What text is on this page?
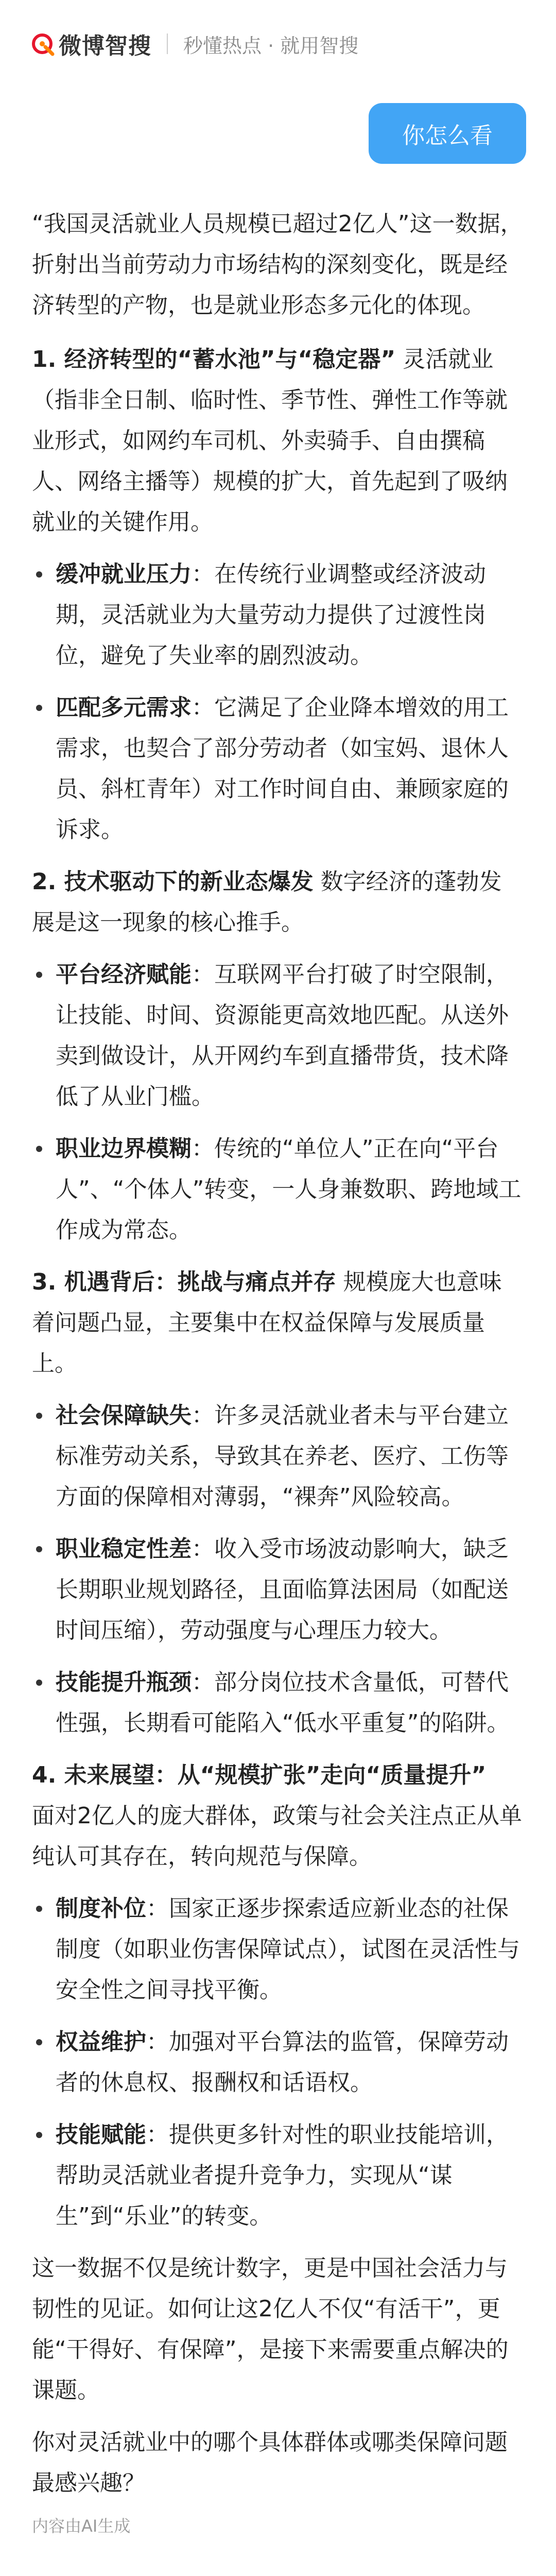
微博智搜 秒懂热点 · 就用智搜
你怎么看

“我国灵活就业人员规模已超过2亿人”这一数据，折射出当前劳动力市场结构的深刻变化，既是经济转型的产物，也是就业形态多元化的体现。

1. 经济转型的“蓄水池”与“稳定器” 灵活就业（指非全日制、临时性、季节性、弹性工作等就业形式，如网约车司机、外卖骑手、自由撰稿人、网络主播等）规模的扩大，首先起到了吸纳就业的关键作用。

缓冲就业压力：在传统行业调整或经济波动期，灵活就业为大量劳动力提供了过渡性岗位，避免了失业率的剧烈波动。
匹配多元需求：它满足了企业降本增效的用工需求，也契合了部分劳动者（如宝妈、退休人员、斜杠青年）对工作时间自由、兼顾家庭的诉求。

2. 技术驱动下的新业态爆发 数字经济的蓬勃发展是这一现象的核心推手。

平台经济赋能：互联网平台打破了时空限制，让技能、时间、资源能更高效地匹配。从送外卖到做设计，从开网约车到直播带货，技术降低了从业门槛。
职业边界模糊：传统的“单位人”正在向“平台人”、“个体人”转变，一人身兼数职、跨地域工作成为常态。

3. 机遇背后：挑战与痛点并存 规模庞大也意味着问题凸显，主要集中在权益保障与发展质量上。

社会保障缺失：许多灵活就业者未与平台建立标准劳动关系，导致其在养老、医疗、工伤等方面的保障相对薄弱，“裸奔”风险较高。
职业稳定性差：收入受市场波动影响大，缺乏长期职业规划路径，且面临算法困局（如配送时间压缩），劳动强度与心理压力较大。
技能提升瓶颈：部分岗位技术含量低，可替代性强，长期看可能陷入“低水平重复”的陷阱。

4. 未来展望：从“规模扩张”走向“质量提升”
面对2亿人的庞大群体，政策与社会关注点正从单纯认可其存在，转向规范与保障。

制度补位：国家正逐步探索适应新业态的社保制度（如职业伤害保障试点），试图在灵活性与安全性之间寻找平衡。
权益维护：加强对平台算法的监管，保障劳动者的休息权、报酬权和话语权。
技能赋能：提供更多针对性的职业技能培训，帮助灵活就业者提升竞争力，实现从“谋生”到“乐业”的转变。

这一数据不仅是统计数字，更是中国社会活力与韧性的见证。如何让这2亿人不仅“有活干”，更能“干得好、有保障”，是接下来需要重点解决的课题。

你对灵活就业中的哪个具体群体或哪类保障问题最感兴趣？

内容由AI生成
